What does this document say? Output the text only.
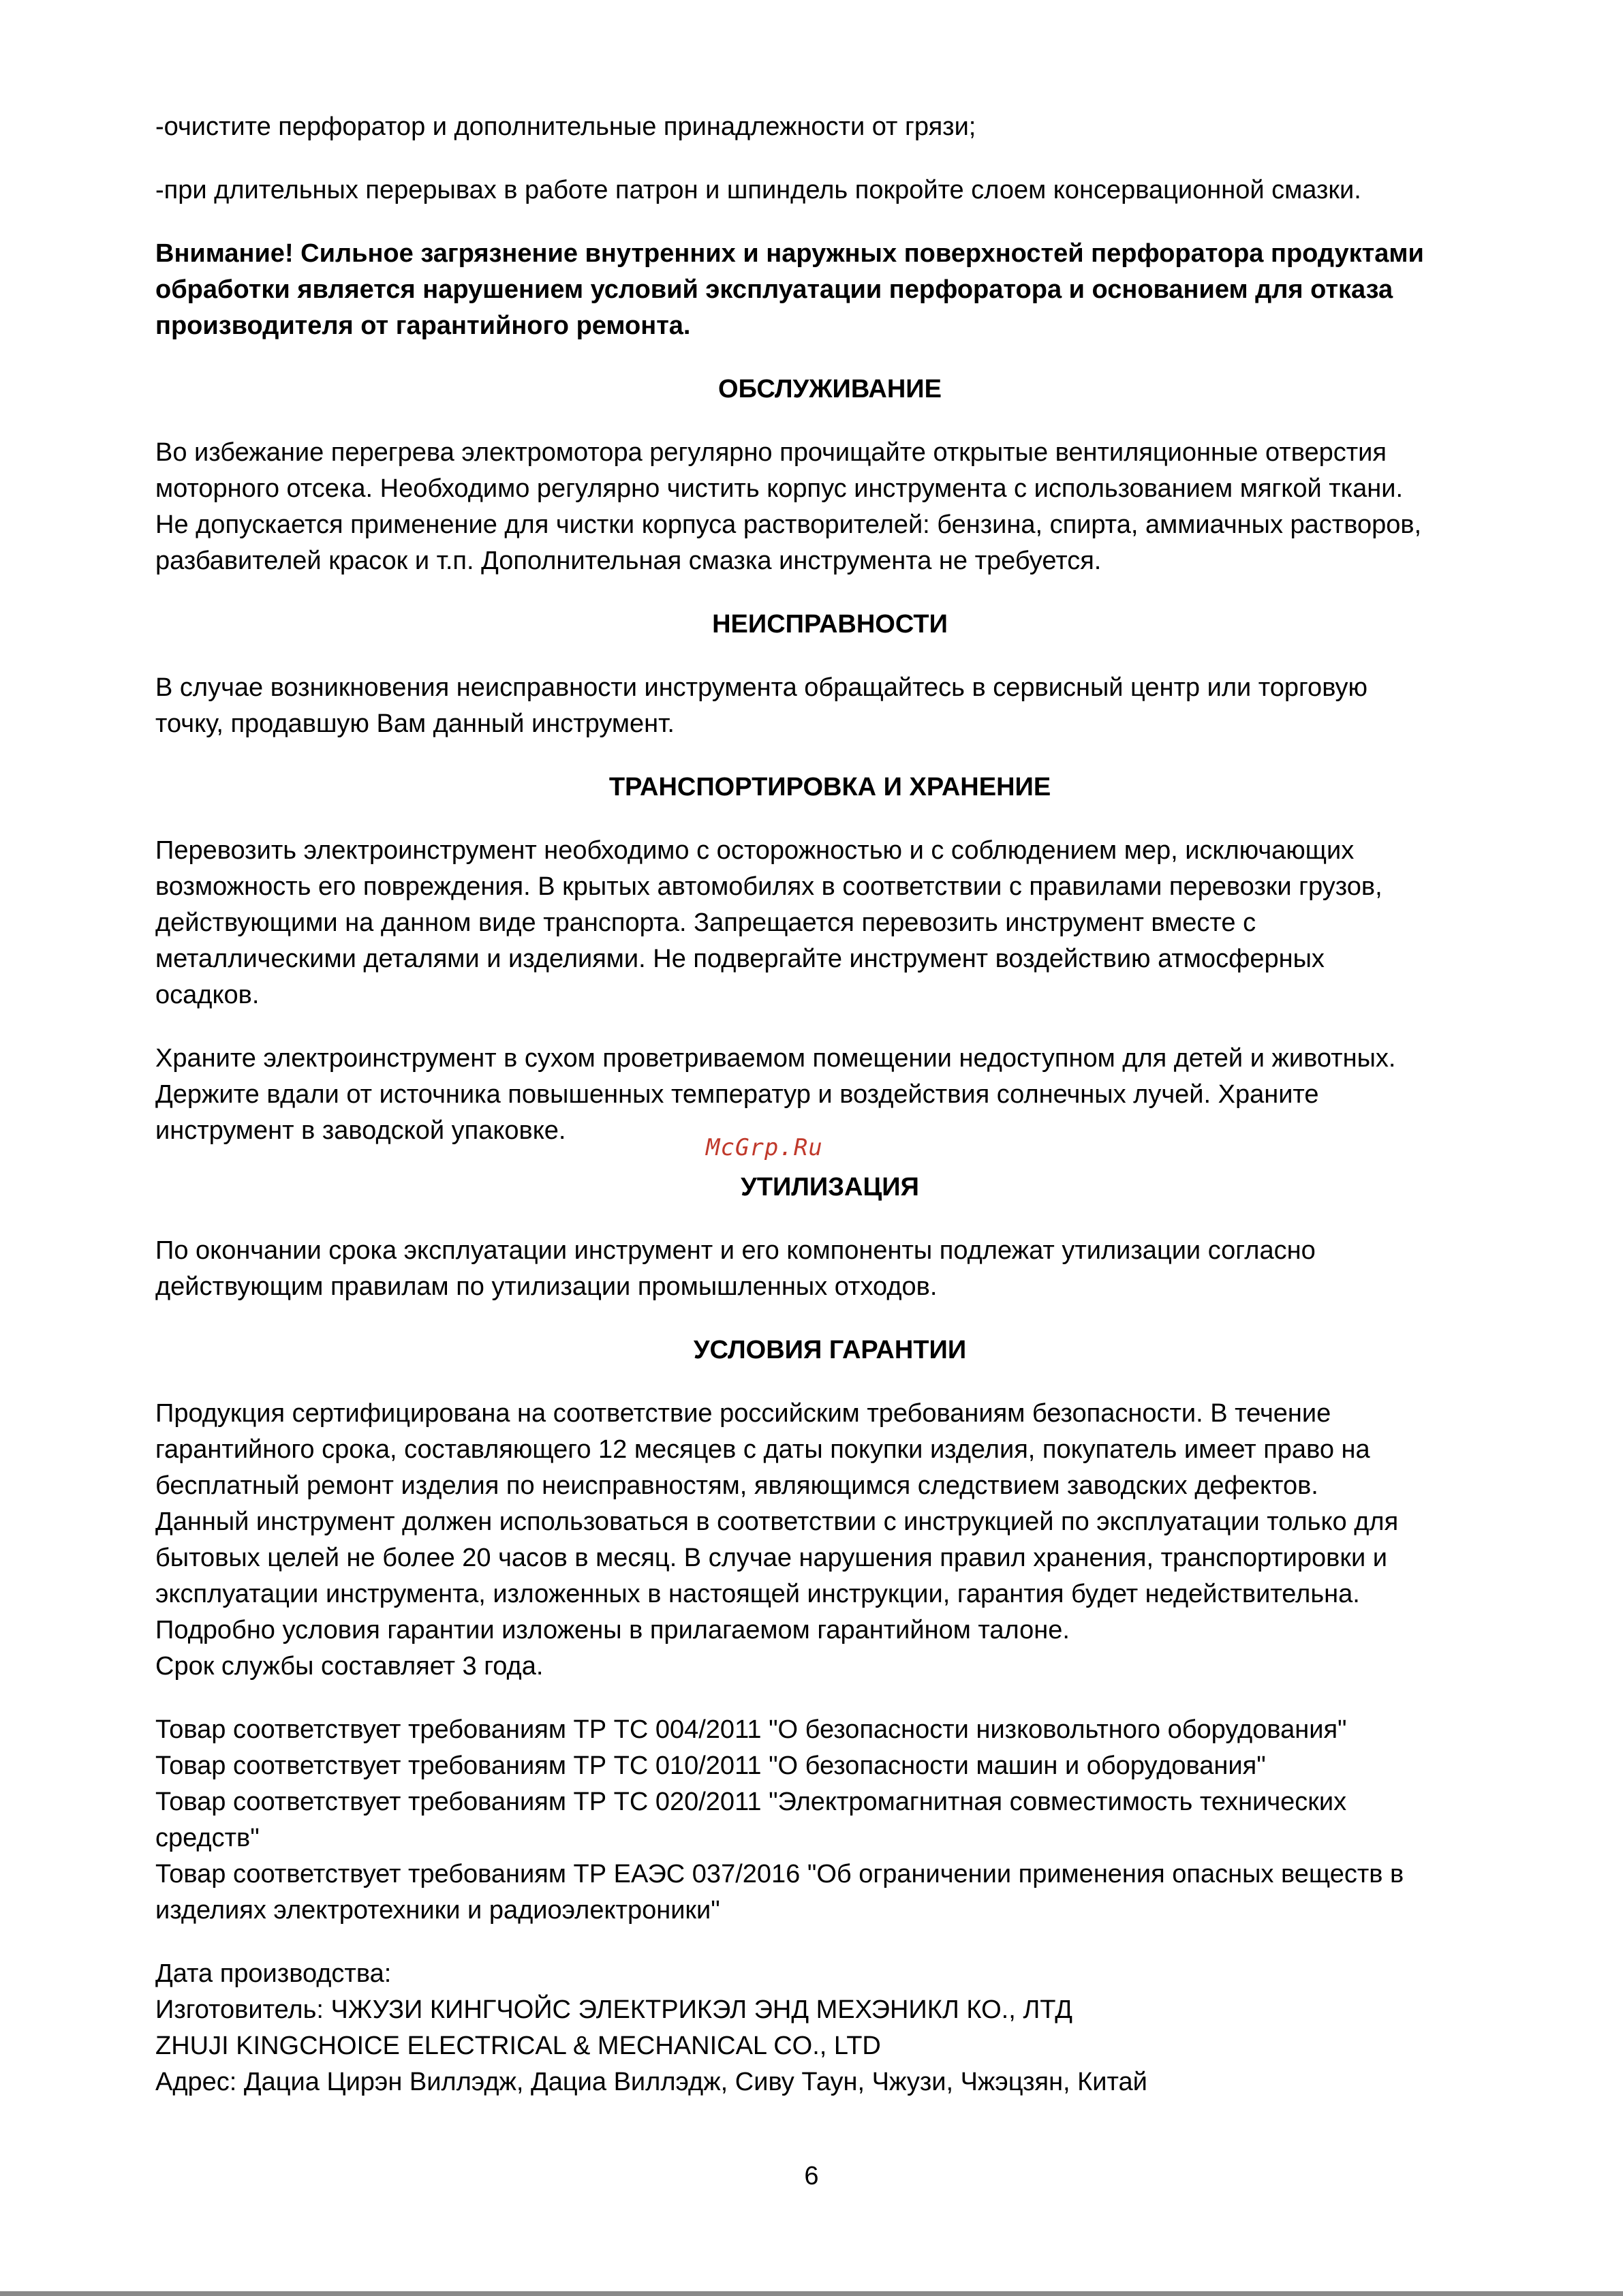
-очистите перфоратор и дополнительные принадлежности от грязи;
-при длительных перерывах в работе патрон и шпиндель покройте слоем консервационной смазки.
Внимание! Сильное загрязнение внутренних и наружных поверхностей перфоратора продуктами
обработки является нарушением условий эксплуатации перфоратора и основанием для отказа
производителя от гарантийного ремонта.
ОБСЛУЖИВАНИЕ
Во избежание перегрева электромотора регулярно прочищайте открытые вентиляционные отверстия
моторного отсека. Необходимо регулярно чистить корпус инструмента с использованием мягкой ткани.
Не допускается применение для чистки корпуса растворителей: бензина, спирта, аммиачных растворов,
разбавителей красок и т.п. Дополнительная смазка инструмента не требуется.
НЕИСПРАВНОСТИ
В случае возникновения неисправности инструмента обращайтесь в сервисный центр или торговую
точку, продавшую Вам данный инструмент.
ТРАНСПОРТИРОВКА И ХРАНЕНИЕ
Перевозить электроинструмент необходимо с осторожностью и с соблюдением мер, исключающих
возможность его повреждения. В крытых автомобилях в соответствии с правилами перевозки грузов,
действующими на данном виде транспорта. Запрещается перевозить инструмент вместе с
металлическими деталями и изделиями. Не подвергайте инструмент воздействию атмосферных
осадков.
Храните электроинструмент в сухом проветриваемом помещении недоступном для детей и животных.
Держите вдали от источника повышенных температур и воздействия солнечных лучей. Храните
инструмент в заводской упаковке.
УТИЛИЗАЦИЯ
По окончании срока эксплуатации инструмент и его компоненты подлежат утилизации согласно
действующим правилам по утилизации промышленных отходов.
УСЛОВИЯ ГАРАНТИИ
Продукция сертифицирована на соответствие российским требованиям безопасности. В течение
гарантийного срока, составляющего 12 месяцев с даты покупки изделия, покупатель имеет право на
бесплатный ремонт изделия по неисправностям, являющимся следствием заводских дефектов.
Данный инструмент должен использоваться в соответствии с инструкцией по эксплуатации только для
бытовых целей не более 20 часов в месяц. В случае нарушения правил хранения, транспортировки и
эксплуатации инструмента, изложенных в настоящей инструкции, гарантия будет недействительна.
Подробно условия гарантии изложены в прилагаемом гарантийном талоне.
Срок службы составляет 3 года.
Товар соответствует требованиям ТР ТС 004/2011 "О безопасности низковольтного оборудования"
Товар соответствует требованиям ТР ТС 010/2011 "О безопасности машин и оборудования"
Товар соответствует требованиям ТР ТС 020/2011 "Электромагнитная совместимость технических
средств"
Товар соответствует требованиям ТР ЕАЭС 037/2016 "Об ограничении применения опасных веществ в
изделиях электротехники и радиоэлектроники"
Дата производства:
Изготовитель: ЧЖУЗИ КИНГЧОЙС ЭЛЕКТРИКЭЛ ЭНД МЕХЭНИКЛ КО., ЛТД
ZHUJI KINGCHOICE ELECTRICAL & MECHANICAL CO., LTD
Адрес: Дациа Цирэн Виллэдж, Дациа Виллэдж, Сиву Таун, Чжузи, Чжэцзян, Китай
McGrp.Ru
6
